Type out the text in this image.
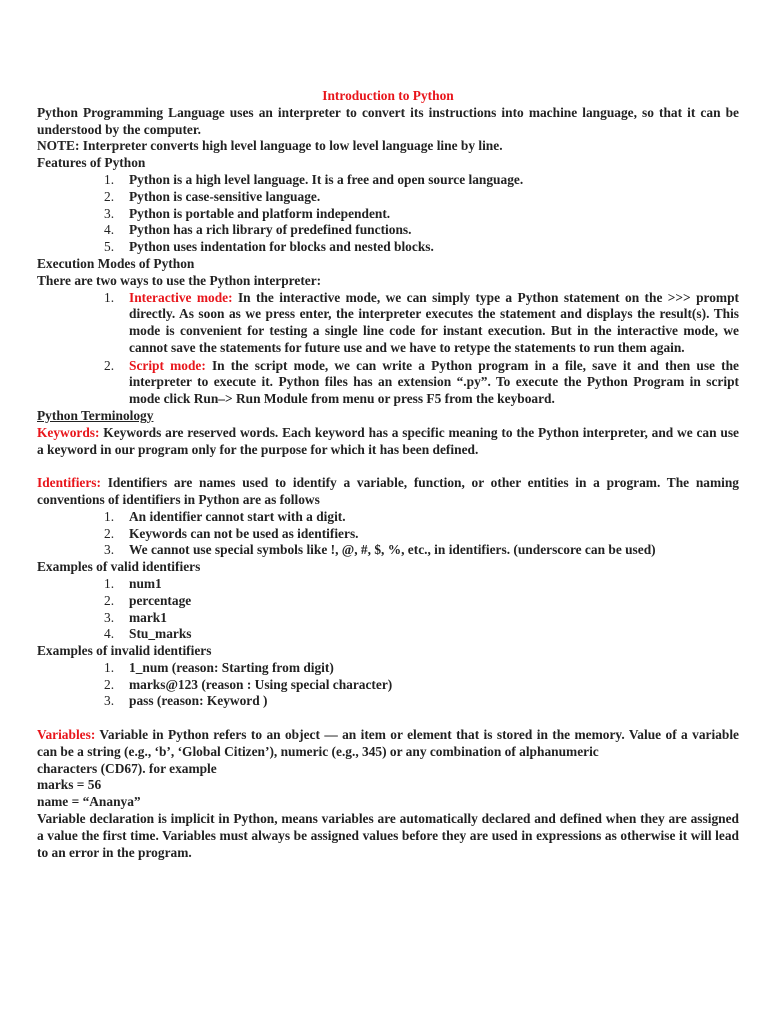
Introduction to Python

Python Programming Language uses an interpreter to convert its instructions into machine language, so that it can be understood by the computer.

NOTE: Interpreter converts high level language to low level language line by line.

Features of Python

1. Python is a high level language. It is a free and open source language.
2. Python is case-sensitive language.
3. Python is portable and platform independent.
4. Python has a rich library of predefined functions.
5. Python uses indentation for blocks and nested blocks.

Execution Modes of Python

There are two ways to use the Python interpreter:

1. Interactive mode: In the interactive mode, we can simply type a Python statement on the >>> prompt directly. As soon as we press enter, the interpreter executes the statement and displays the result(s). This mode is convenient for testing a single line code for instant execution. But in the interactive mode, we cannot save the statements for future use and we have to retype the statements to run them again.
2. Script mode: In the script mode, we can write a Python program in a file, save it and then use the interpreter to execute it. Python files has an extension “.py”. To execute the Python Program in script mode click Run–> Run Module from menu or press F5 from the keyboard.

Python Terminology

Keywords: Keywords are reserved words. Each keyword has a specific meaning to the Python interpreter, and we can use a keyword in our program only for the purpose for which it has been defined.

Identifiers: Identifiers are names used to identify a variable, function, or other entities in a program. The naming conventions of identifiers in Python are as follows

1. An identifier cannot start with a digit.
2. Keywords can not be used as identifiers.
3. We cannot use special symbols like !, @, #, $, %, etc., in identifiers. (underscore can be used)

Examples of valid identifiers

1. num1
2. percentage
3. mark1
4. Stu_marks

Examples of invalid identifiers

1. 1_num (reason: Starting from digit)
2. marks@123 (reason : Using special character)
3. pass (reason: Keyword )

Variables: Variable in Python refers to an object — an item or element that is stored in the memory. Value of a variable can be a string (e.g., ‘b’, ‘Global Citizen’), numeric (e.g., 345) or any combination of alphanumeric

characters (CD67). for example

marks = 56

name = “Ananya”

Variable declaration is implicit in Python, means variables are automatically declared and defined when they are assigned a value the first time. Variables must always be assigned values before they are used in expressions as otherwise it will lead to an error in the program.
